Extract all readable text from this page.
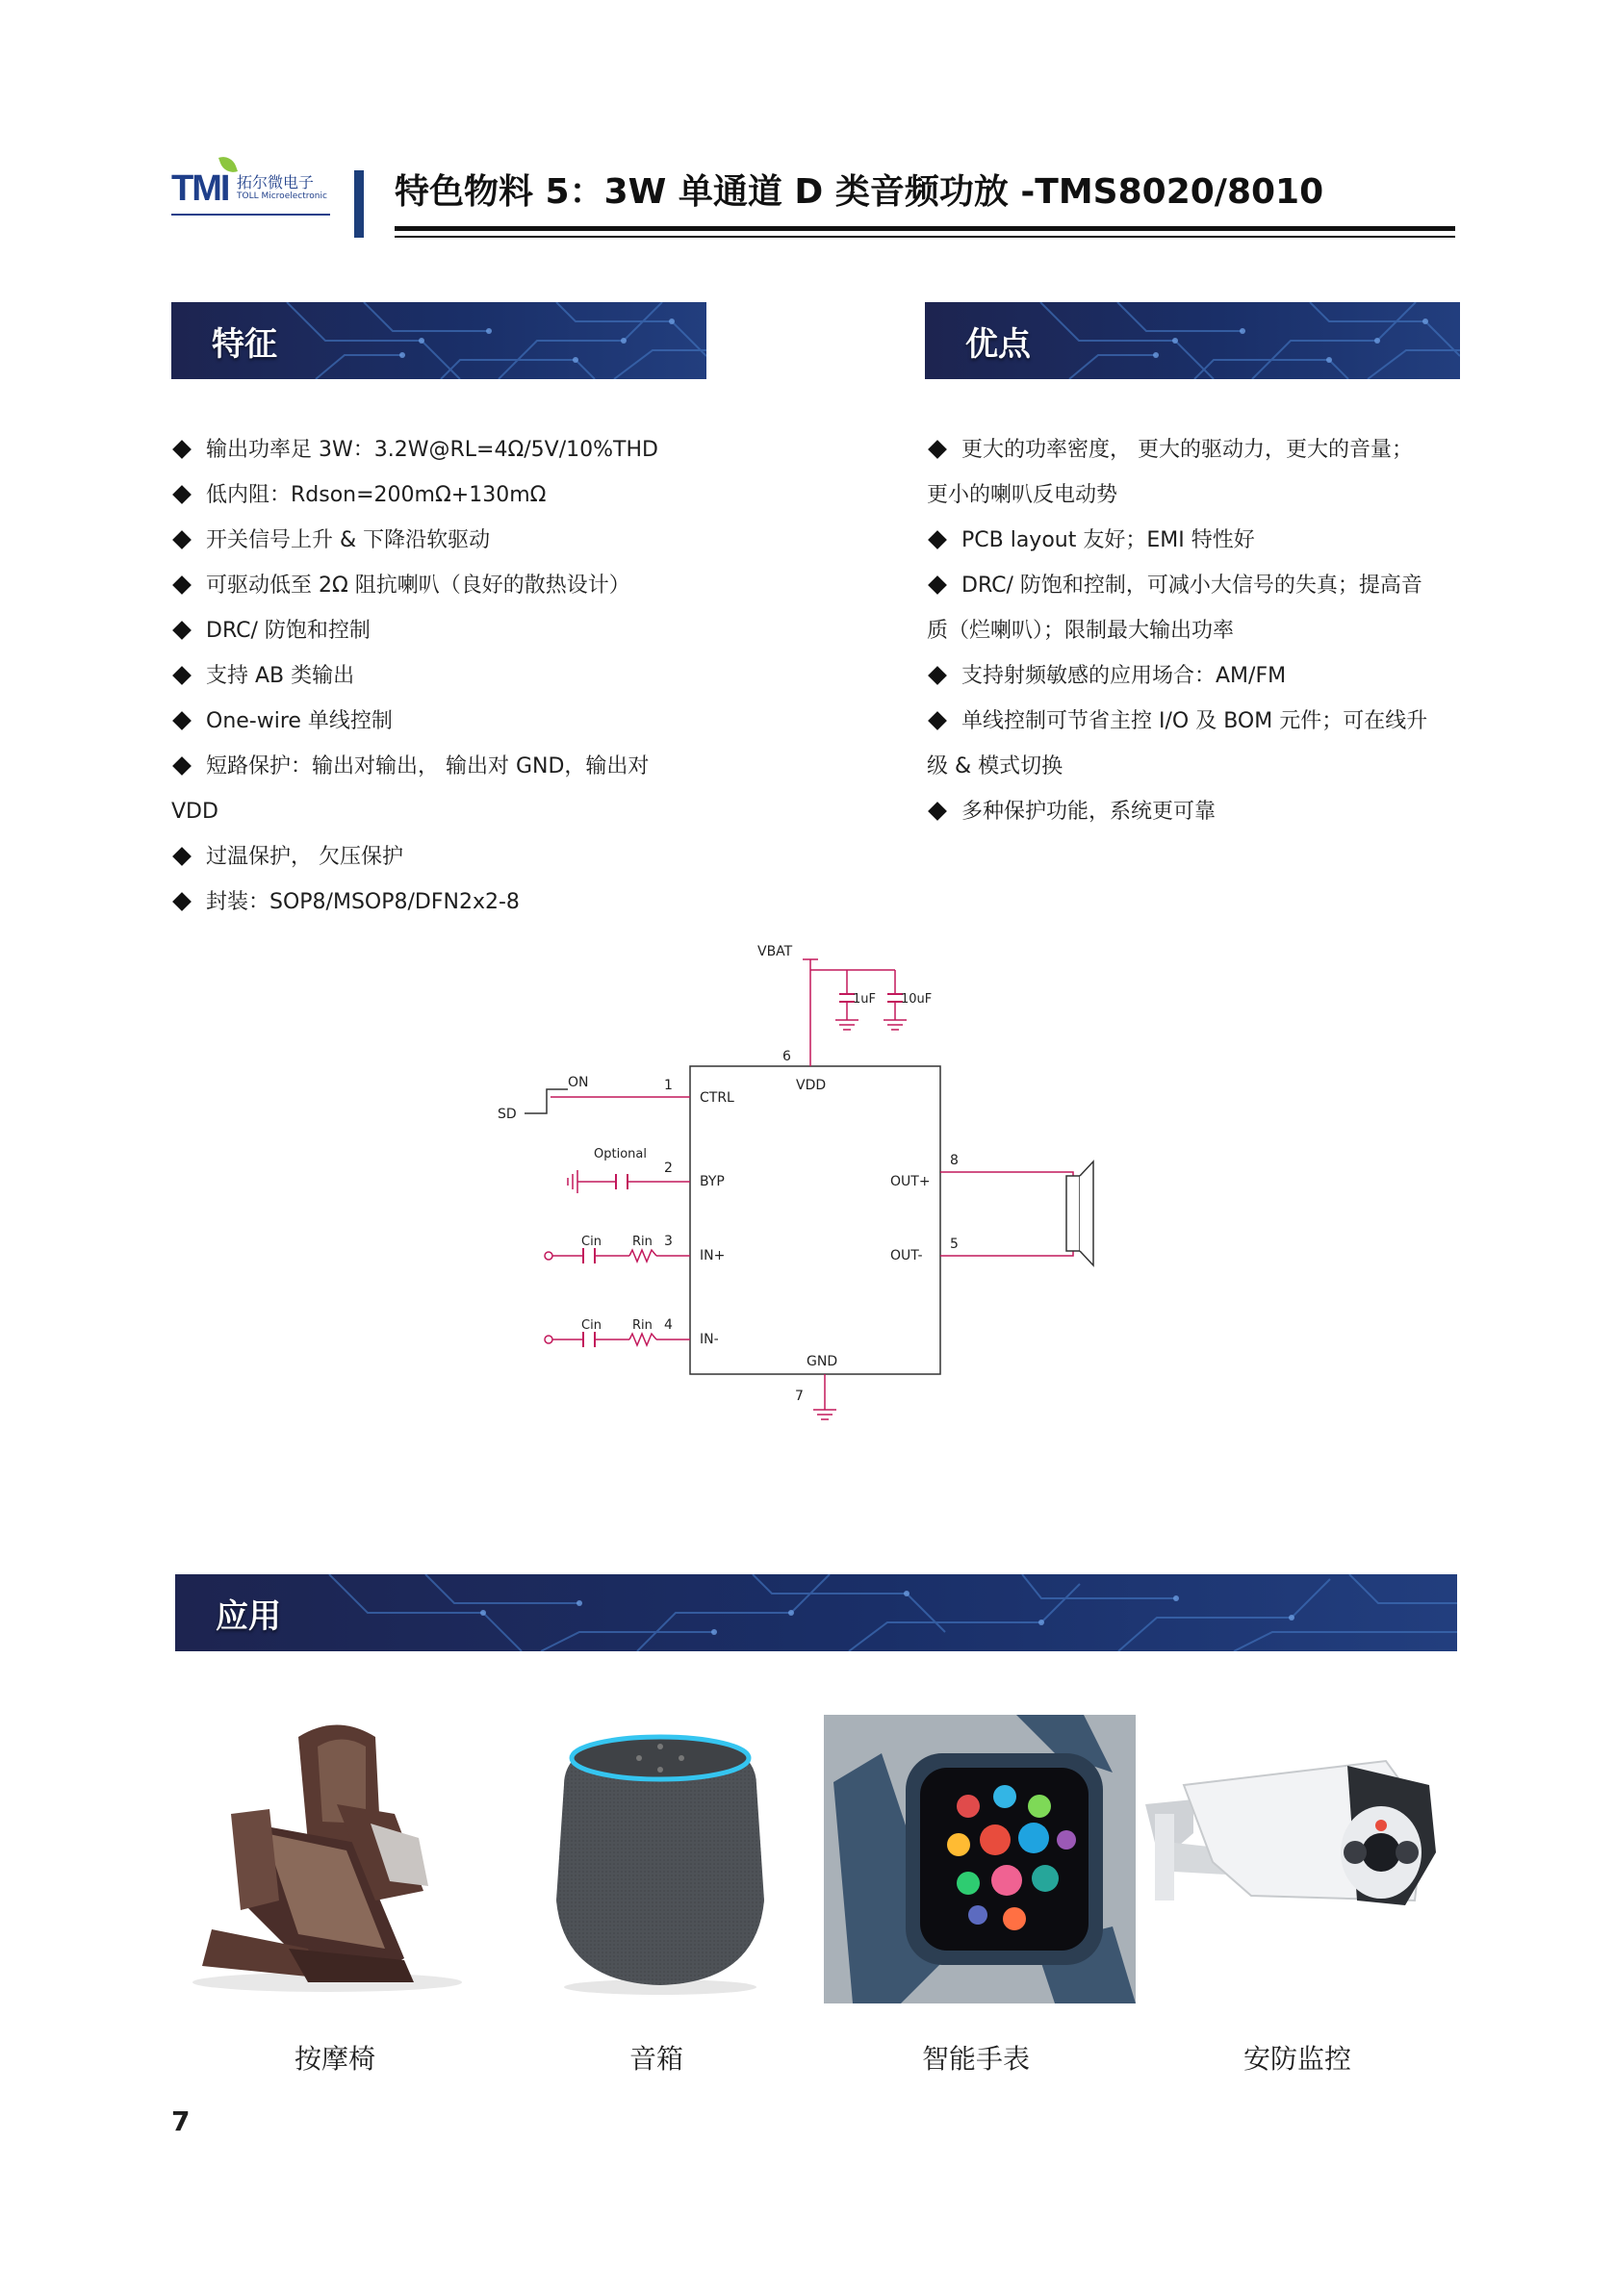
TMI 拓尔微电子
TOLL Microelectronic 特色物料 5：3W 单通道 D 类音频功放 -TMS8020/8010
特征
输出功率足 3W：3.2W@RL=4Ω/5V/10%THD
低内阻：Rdson=200mΩ+130mΩ
开关信号上升 & 下降沿软驱动
可驱动低至 2Ω 阻抗喇叭（良好的散热设计）
DRC/ 防饱和控制
支持 AB 类输出
One-wire 单线控制
短路保护：输出对输出， 输出对 GND，输出对
VDD
过温保护， 欠压保护
封装：SOP8/MSOP8/DFN2x2-8
优点
更大的功率密度， 更大的驱动力，更大的音量；
更小的喇叭反电动势
PCB layout 友好；EMI 特性好
DRC/ 防饱和控制，可减小大信号的失真；提高音
质（烂喇叭）；限制最大输出功率
支持射频敏感的应用场合：AM/FM
单线控制可节省主控 I/O 及 BOM 元件；可在线升
级 & 模式切换
多种保护功能，系统更可靠
VBAT
1uF 10uF
6
ON
SD
1
Optional
2
Cin Rin 3
Cin Rin 4
8
5
7
CTRL
VDD
BYP
IN+
IN-
GND
OUT+
OUT-
应用
按摩椅	音箱	智能手表	安防监控
7
